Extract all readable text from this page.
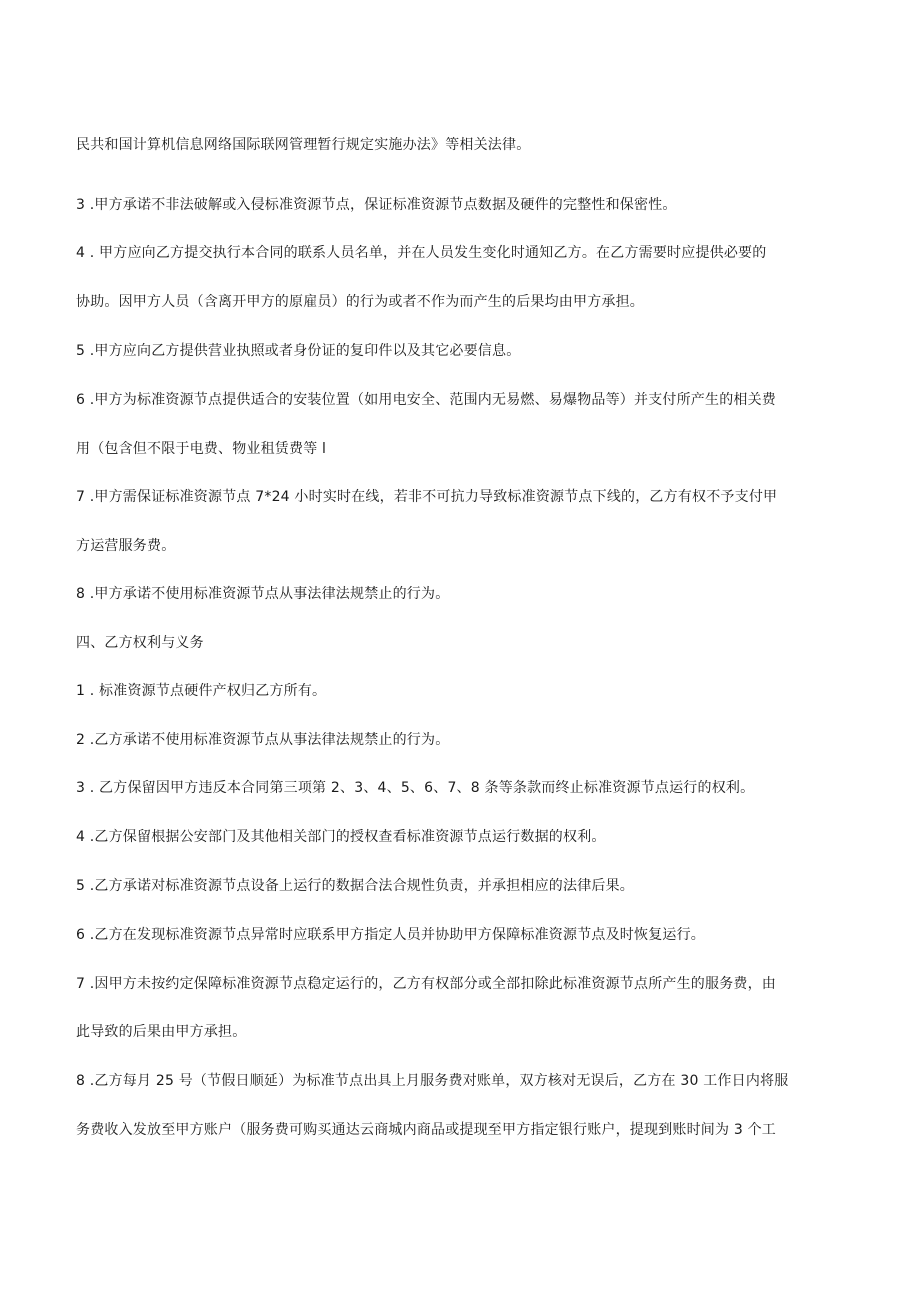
民共和国计算机信息网络国际联网管理暂行规定实施办法》等相关法律。
3 .甲方承诺不非法破解或入侵标准资源节点，保证标准资源节点数据及硬件的完整性和保密性。
4 . 甲方应向乙方提交执行本合同的联系人员名单，并在人员发生变化时通知乙方。在乙方需要时应提供必要的
协助。因甲方人员（含离开甲方的原雇员）的行为或者不作为而产生的后果均由甲方承担。
5 .甲方应向乙方提供营业执照或者身份证的复印件以及其它必要信息。
6 .甲方为标准资源节点提供适合的安装位置（如用电安全、范围内无易燃、易爆物品等）并支付所产生的相关费
用（包含但不限于电费、物业租赁费等 l
7 .甲方需保证标准资源节点 7*24 小时实时在线，若非不可抗力导致标准资源节点下线的，乙方有权不予支付甲
方运营服务费。
8 .甲方承诺不使用标准资源节点从事法律法规禁止的行为。
四、乙方权利与义务
1 . 标准资源节点硬件产权归乙方所有。
2 .乙方承诺不使用标准资源节点从事法律法规禁止的行为。
3 . 乙方保留因甲方违反本合同第三项第 2、3、4、5、6、7、8 条等条款而终止标准资源节点运行的权利。
4 .乙方保留根据公安部门及其他相关部门的授权查看标准资源节点运行数据的权利。
5 .乙方承诺对标准资源节点设备上运行的数据合法合规性负责，并承担相应的法律后果。
6 .乙方在发现标准资源节点异常时应联系甲方指定人员并协助甲方保障标准资源节点及时恢复运行。
7 .因甲方未按约定保障标准资源节点稳定运行的，乙方有权部分或全部扣除此标准资源节点所产生的服务费，由
此导致的后果由甲方承担。
8 .乙方每月 25 号（节假日顺延）为标准节点出具上月服务费对账单，双方核对无误后，乙方在 30 工作日内将服
务费收入发放至甲方账户（服务费可购买通达云商城内商品或提现至甲方指定银行账户，提现到账时间为 3 个工
